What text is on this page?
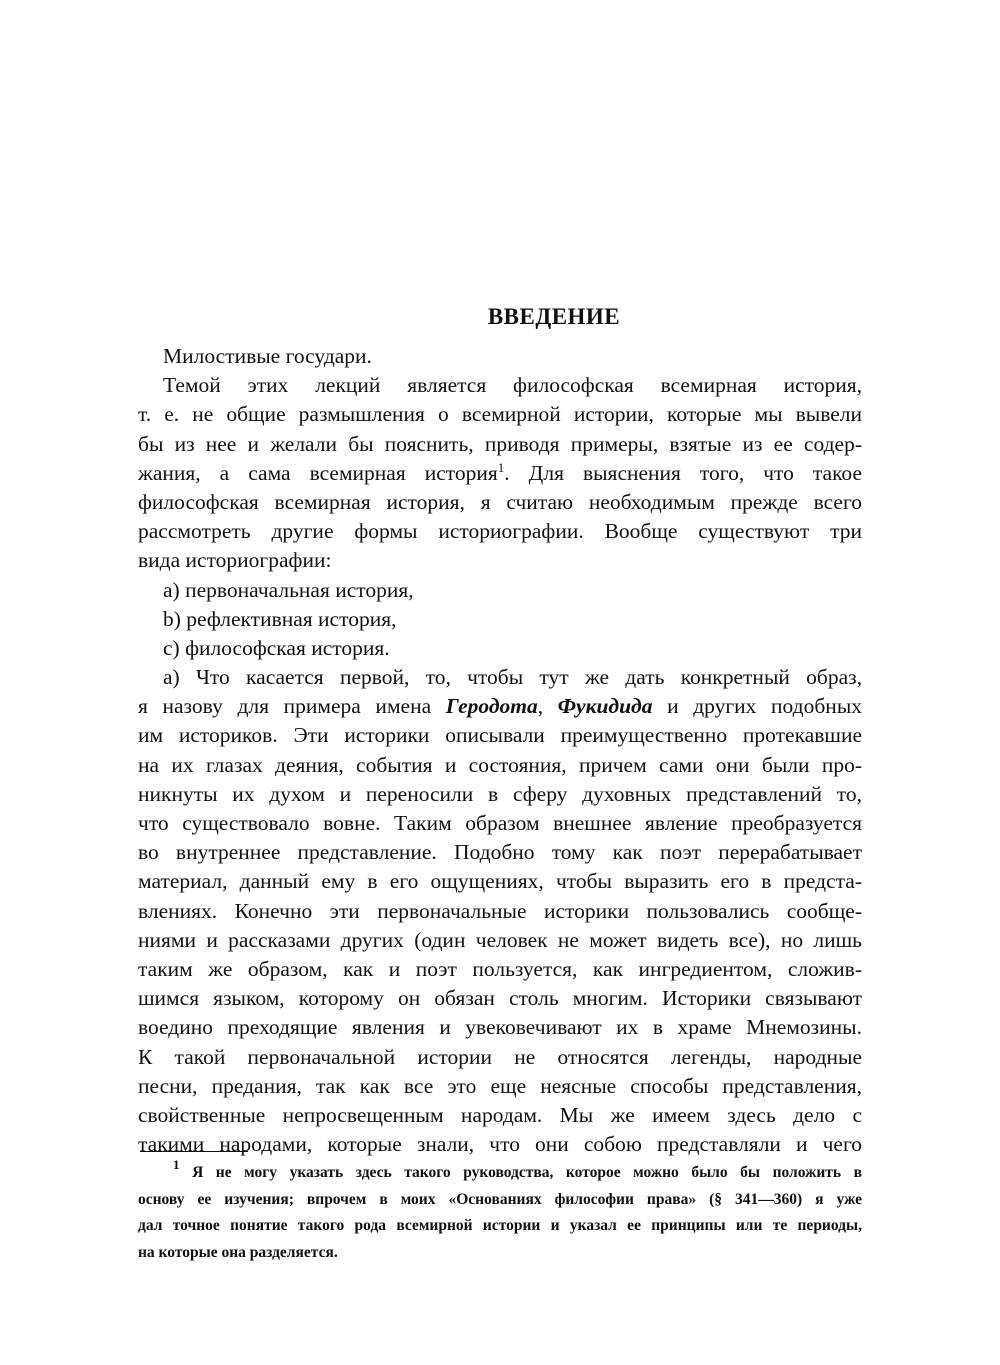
ВВЕДЕНИЕ
Милостивые государи.
Темой этих лекций является философская всемирная история,
т. е. не общие размышления о всемирной истории, которые мы вывели
бы из нее и желали бы пояснить, приводя примеры, взятые из ее содер-
жания, а сама всемирная история$^1$. Для выяснения того, что такое
философская всемирная история, я считаю необходимым прежде всего
рассмотреть другие формы историографии. Вообще существуют три
вида историографии:
a) первоначальная история,
b) рефлективная история,
c) философская история.
a) Что касается первой, то, чтобы тут же дать конкретный образ,
я назову для примера имена Геродота, Фукидида и других подобных
им историков. Эти историки описывали преимущественно протекавшие
на их глазах деяния, события и состояния, причем сами они были про-
никнуты их духом и переносили в сферу духовных представлений то,
что существовало вовне. Таким образом внешнее явление преобразуется
во внутреннее представление. Подобно тому как поэт перерабатывает
материал, данный ему в его ощущениях, чтобы выразить его в предста-
влениях. Конечно эти первоначальные историки пользовались сообще-
ниями и рассказами других (один человек не может видеть все), но лишь
таким же образом, как и поэт пользуется, как ингредиентом, сложив-
шимся языком, которому он обязан столь многим. Историки связывают
воедино преходящие явления и увековечивают их в храме Мнемозины.
К такой первоначальной истории не относятся легенды, народные
песни, предания, так как все это еще неясные способы представления,
свойственные непросвещенным народам. Мы же имеем здесь дело с
такими народами, которые знали, что они собою представляли и чего
$^1$ Я не могу указать здесь такого руководства, которое можно было бы положить в
основу ее изучения; впрочем в моих «Основаниях философии права» (§ 341—360) я уже
дал точное понятие такого рода всемирной истории и указал ее принципы или те периоды,
на которые она разделяется.
